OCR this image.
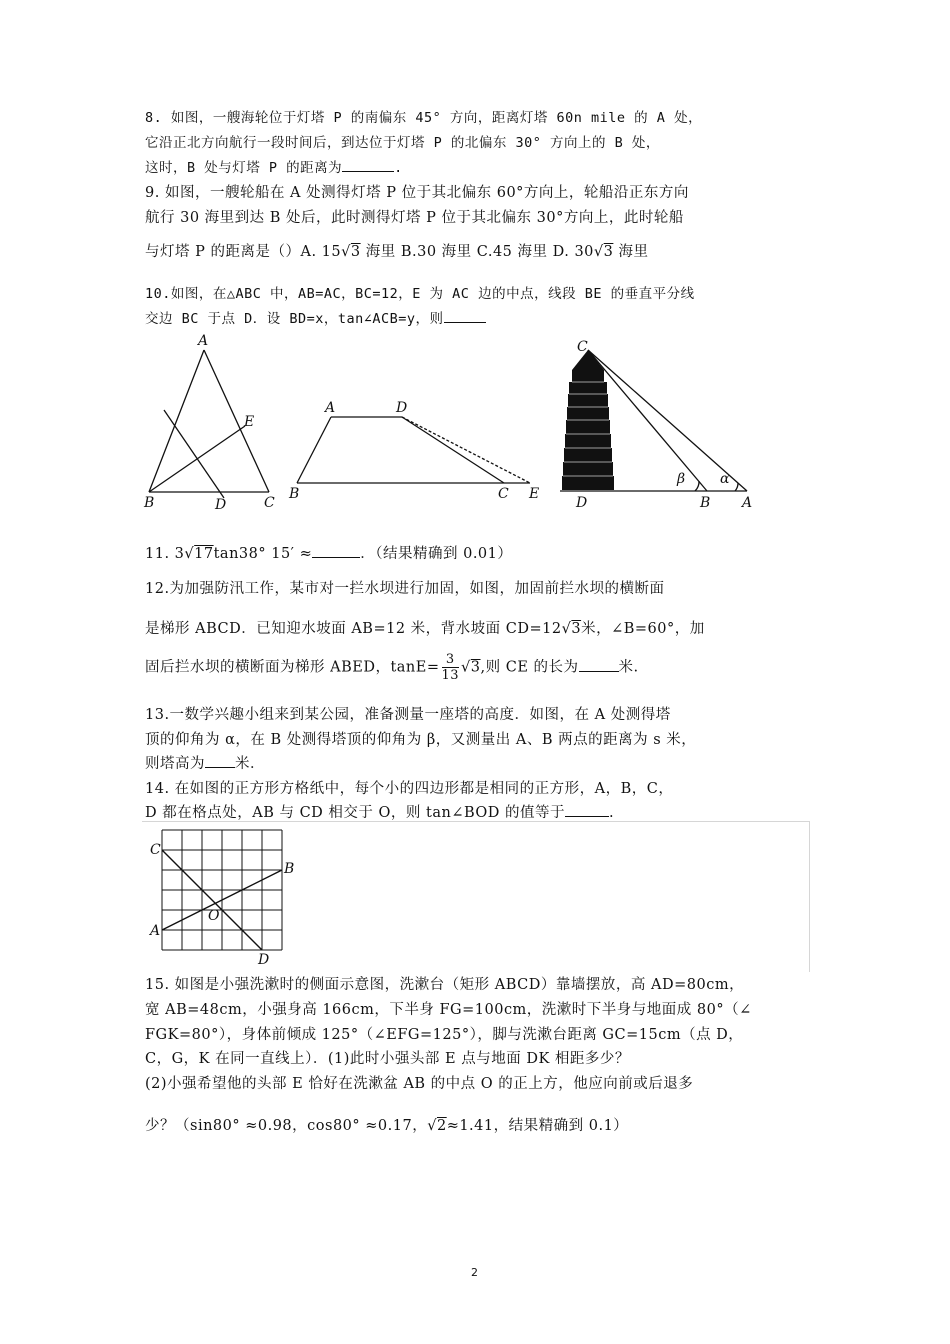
8. 如图，一艘海轮位于灯塔 P 的南偏东 45° 方向，距离灯塔 60n mile 的 A 处，
它沿正北方向航行一段时间后，到达位于灯塔 P 的北偏东 30° 方向上的 B 处，
这时，B 处与灯塔 P 的距离为	.
9. 如图，一艘轮船在 A 处测得灯塔 P 位于其北偏东 60°方向上，轮船沿正东方向
航行 30 海里到达 B 处后，此时测得灯塔 P 位于其北偏东 30°方向上，此时轮船
与灯塔 P 的距离是（）A. 15√3 海里 B.30 海里 C.45 海里 D. 30√3 海里
10.如图，在△ABC 中，AB=AC，BC=12，E 为 AC 边的中点，线段 BE 的垂直平分线
交边 BC 于点 D．设 BD=x，tan∠ACB=y，则
A
E
B	D	C
A	D
B	C E
C
β α
D	B A
11. 3√17tan38° 15′ ≈	．（结果精确到 0.01）
12.为加强防汛工作，某市对一拦水坝进行加固，如图，加固前拦水坝的横断面
是梯形 ABCD．已知迎水坡面 AB=12 米，背水坡面 CD=12√3米，∠B=60°，加
固后拦水坝的横断面为梯形 ABED，$\tan E= \frac{3}{13} √3$,则 CE 的长为	米.
13.一数学兴趣小组来到某公园，准备测量一座塔的高度．如图，在 A 处测得塔
顶的仰角为 α，在 B 处测得塔顶的仰角为 β，又测量出 A、B 两点的距离为 s 米，
则塔高为 米．
14. 在如图的正方形方格纸中，每个小的四边形都是相同的正方形，A，B，C，
D 都在格点处，AB 与 CD 相交于 O，则 tan∠BOD 的值等于	.
C
B
A
O
D
15. 如图是小强洗漱时的侧面示意图，洗漱台（矩形 ABCD）靠墙摆放，高 AD=80cm，
宽 AB=48cm，小强身高 166cm，下半身 FG=100cm，洗漱时下半身与地面成 80°（∠
FGK=80°），身体前倾成 125°（∠EFG=125°），脚与洗漱台距离 GC=15cm（点 D，
C，G，K 在同一直线上）．(1)此时小强头部 E 点与地面 DK 相距多少？
(2)小强希望他的头部 E 恰好在洗漱盆 AB 的中点 O 的正上方，他应向前或后退多
少？（sin80° ≈0.98，cos80° ≈0.17，√2≈1.41，结果精确到 0.1）
2
